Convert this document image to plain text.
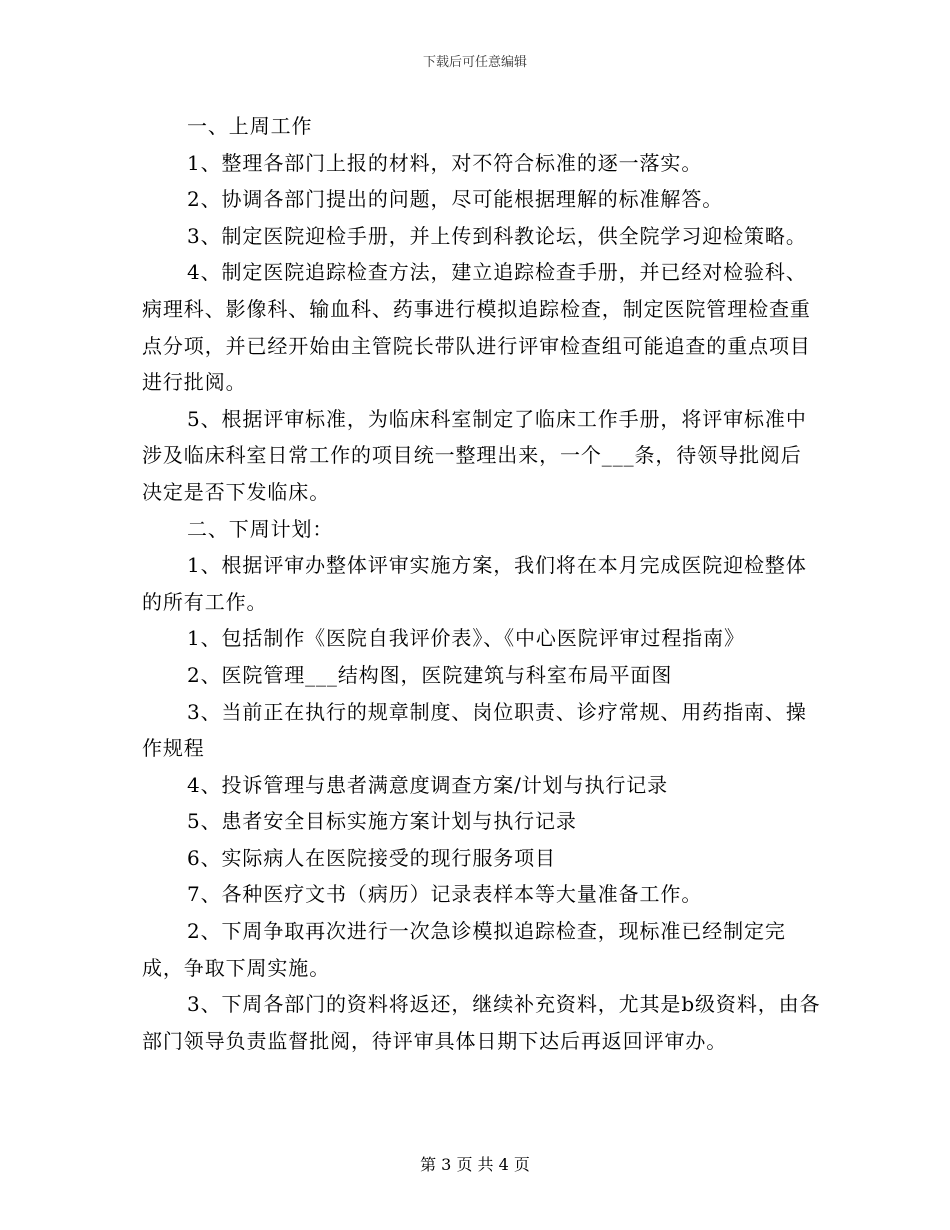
下载后可任意编辑

一、上周工作

1、整理各部门上报的材料，对不符合标准的逐一落实。

2、协调各部门提出的问题，尽可能根据理解的标准解答。

3、制定医院迎检手册，并上传到科教论坛，供全院学习迎检策略。

4、制定医院追踪检查方法，建立追踪检查手册，并已经对检验科、病理科、影像科、输血科、药事进行模拟追踪检查，制定医院管理检查重点分项，并已经开始由主管院长带队进行评审检查组可能追查的重点项目进行批阅。

5、根据评审标准，为临床科室制定了临床工作手册，将评审标准中涉及临床科室日常工作的项目统一整理出来，一个___条，待领导批阅后决定是否下发临床。

二、下周计划：

1、根据评审办整体评审实施方案，我们将在本月完成医院迎检整体的所有工作。

1、包括制作《医院自我评价表》、《中心医院评审过程指南》

2、医院管理___结构图，医院建筑与科室布局平面图

3、当前正在执行的规章制度、岗位职责、诊疗常规、用药指南、操作规程

4、投诉管理与患者满意度调查方案/计划与执行记录

5、患者安全目标实施方案计划与执行记录

6、实际病人在医院接受的现行服务项目

7、各种医疗文书（病历）记录表样本等大量准备工作。

2、下周争取再次进行一次急诊模拟追踪检查，现标准已经制定完成，争取下周实施。

3、下周各部门的资料将返还，继续补充资料，尤其是b级资料，由各部门领导负责监督批阅，待评审具体日期下达后再返回评审办。

第 3 页 共 4 页
